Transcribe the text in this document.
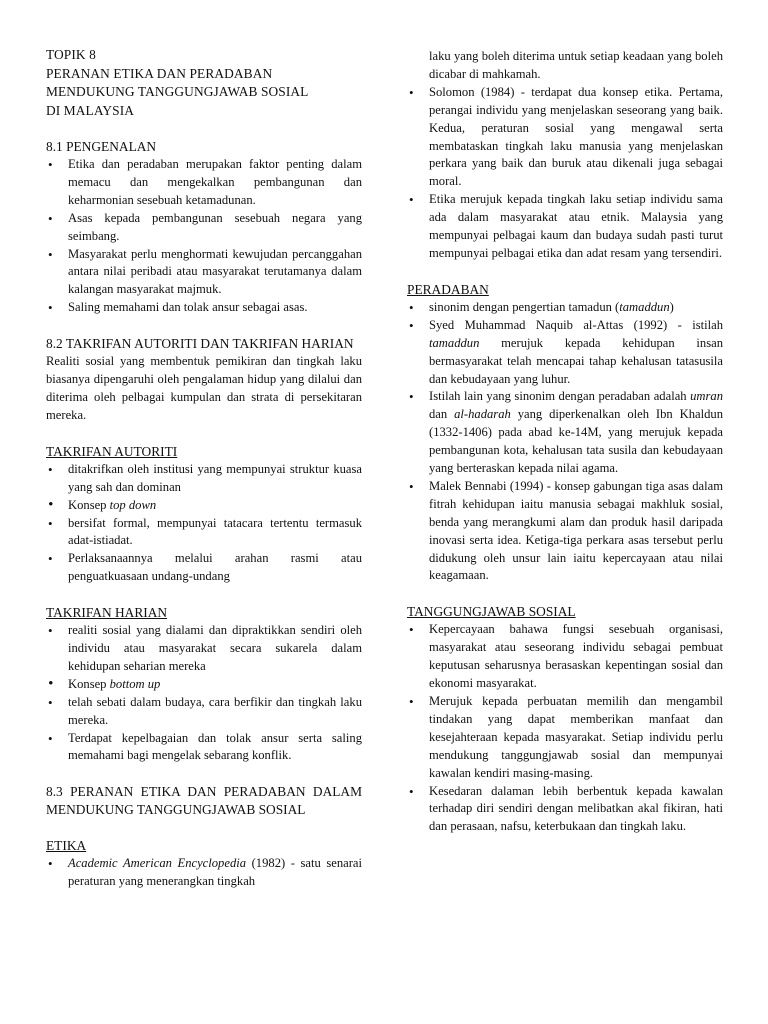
TOPIK 8
PERANAN ETIKA DAN PERADABAN
MENDUKUNG TANGGUNGJAWAB SOSIAL
DI MALAYSIA
8.1 PENGENALAN
• Etika dan peradaban merupakan faktor penting dalam memacu dan mengekalkan pembangunan dan keharmonian sesebuah ketamadunan.
• Asas kepada pembangunan sesebuah negara yang seimbang.
• Masyarakat perlu menghormati kewujudan percanggahan antara nilai peribadi atau masyarakat terutamanya dalam kalangan masyarakat majmuk.
• Saling memahami dan tolak ansur sebagai asas.
8.2 TAKRIFAN AUTORITI DAN TAKRIFAN HARIAN

Realiti sosial yang membentuk pemikiran dan tingkah laku biasanya dipengaruhi oleh pengalaman hidup yang dilalui dan diterima oleh pelbagai kumpulan dan strata di persekitaran mereka.

TAKRIFAN AUTORITI
• ditakrifkan oleh institusi yang mempunyai struktur kuasa yang sah dan dominan
• Konsep top down
• bersifat formal, mempunyai tatacara tertentu termasuk adat-istiadat.
• Perlaksanaannya melalui arahan rasmi atau penguatkuasaan undang-undang
TAKRIFAN HARIAN
• realiti sosial yang dialami dan dipraktikkan sendiri oleh individu atau masyarakat secara sukarela dalam kehidupan seharian mereka
• Konsep bottom up
• telah sebati dalam budaya, cara berfikir dan tingkah laku mereka.
• Terdapat kepelbagaian dan tolak ansur serta saling memahami bagi mengelak sebarang konflik.
8.3 PERANAN ETIKA DAN PERADABAN DALAM MENDUKUNG TANGGUNGJAWAB SOSIAL
ETIKA
• Academic American Encyclopedia (1982) - satu senarai peraturan yang menerangkan tingkah
laku yang boleh diterima untuk setiap keadaan yang boleh dicabar di mahkamah.
• Solomon (1984) - terdapat dua konsep etika. Pertama, perangai individu yang menjelaskan seseorang yang baik. Kedua, peraturan sosial yang mengawal serta membataskan tingkah laku manusia yang menjelaskan perkara yang baik dan buruk atau dikenali juga sebagai moral.
• Etika merujuk kepada tingkah laku setiap individu sama ada dalam masyarakat atau etnik. Malaysia yang mempunyai pelbagai kaum dan budaya sudah pasti turut mempunyai pelbagai etika dan adat resam yang tersendiri.
PERADABAN
• sinonim dengan pengertian tamadun (tamaddun)
• Syed Muhammad Naquib al-Attas (1992) - istilah tamaddun merujuk kepada kehidupan insan bermasyarakat telah mencapai tahap kehalusan tatasusila dan kebudayaan yang luhur.
• Istilah lain yang sinonim dengan peradaban adalah umran dan al-hadarah yang diperkenalkan oleh Ibn Khaldun (1332-1406) pada abad ke-14M, yang merujuk kepada pembangunan kota, kehalusan tata susila dan kebudayaan yang berteraskan kepada nilai agama.
• Malek Bennabi (1994) - konsep gabungan tiga asas dalam fitrah kehidupan iaitu manusia sebagai makhluk sosial, benda yang merangkumi alam dan produk hasil daripada inovasi serta idea. Ketiga-tiga perkara asas tersebut perlu didukung oleh unsur lain iaitu kepercayaan atau nilai keagamaan.
TANGGUNGJAWAB SOSIAL
• Kepercayaan bahawa fungsi sesebuah organisasi, masyarakat atau seseorang individu sebagai pembuat keputusan seharusnya berasaskan kepentingan sosial dan ekonomi masyarakat.
• Merujuk kepada perbuatan memilih dan mengambil tindakan yang dapat memberikan manfaat dan kesejahteraan kepada masyarakat. Setiap individu perlu mendukung tanggungjawab sosial dan mempunyai kawalan kendiri masing-masing.
• Kesedaran dalaman lebih berbentuk kepada kawalan terhadap diri sendiri dengan melibatkan akal fikiran, hati dan perasaan, nafsu, keterbukaan dan tingkah laku.
